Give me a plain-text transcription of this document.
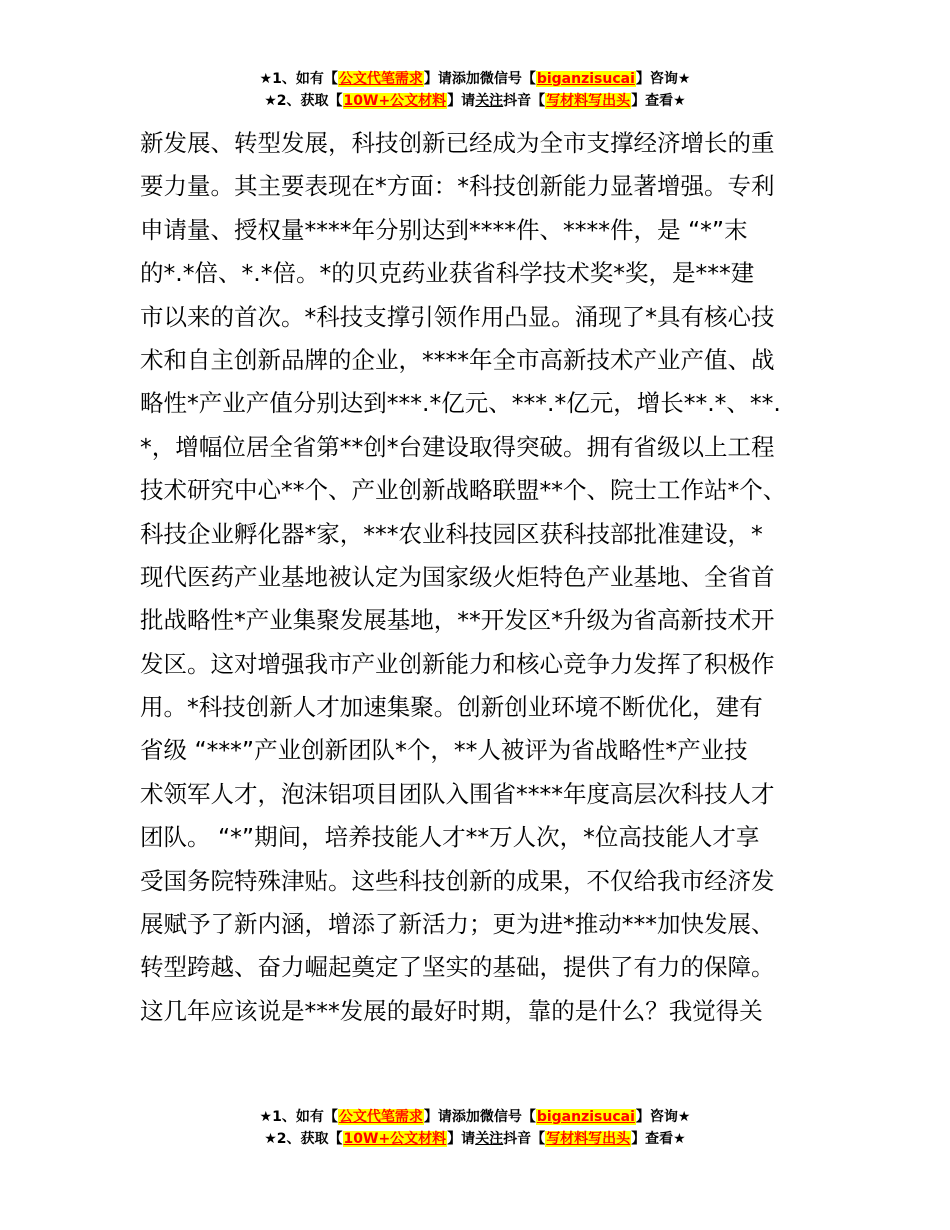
★1、如有【公文代笔需求】请添加微信号【biganzisucai】咨询★
★2、获取【10W+公文材料】请关注抖音【写材料写出头】查看★
新发展、转型发展，科技创新已经成为全市支撑经济增长的重
要力量。其主要表现在*方面：*科技创新能力显著增强。专利
申请量、授权量****年分别达到****件、****件，是 “*”末
的*.*倍、*.*倍。*的贝克药业获省科学技术奖*奖，是***建
市以来的首次。*科技支撑引领作用凸显。涌现了*具有核心技
术和自主创新品牌的企业，****年全市高新技术产业产值、战
略性*产业产值分别达到***.*亿元、***.*亿元，增长**.*、**.
*，增幅位居全省第**创*台建设取得突破。拥有省级以上工程
技术研究中心**个、产业创新战略联盟**个、院士工作站*个、
科技企业孵化器*家，***农业科技园区获科技部批准建设，*
现代医药产业基地被认定为国家级火炬特色产业基地、全省首
批战略性*产业集聚发展基地，**开发区*升级为省高新技术开
发区。这对增强我市产业创新能力和核心竞争力发挥了积极作
用。*科技创新人才加速集聚。创新创业环境不断优化，建有
省级 “***”产业创新团队*个，**人被评为省战略性*产业技
术领军人才，泡沫铝项目团队入围省****年度高层次科技人才
团队。 “*”期间，培养技能人才**万人次，*位高技能人才享
受国务院特殊津贴。这些科技创新的成果，不仅给我市经济发
展赋予了新内涵，增添了新活力；更为进*推动***加快发展、
转型跨越、奋力崛起奠定了坚实的基础，提供了有力的保障。
这几年应该说是***发展的最好时期，靠的是什么？我觉得关
★1、如有【公文代笔需求】请添加微信号【biganzisucai】咨询★
★2、获取【10W+公文材料】请关注抖音【写材料写出头】查看★
